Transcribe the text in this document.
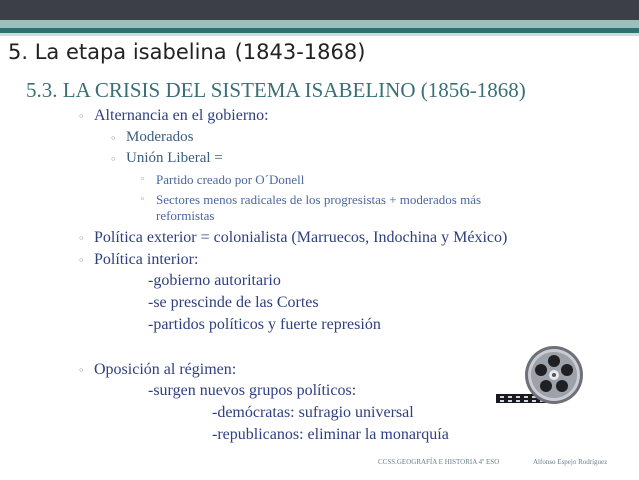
5. La etapa isabelina (1843-1868)
5.3. LA CRISIS DEL SISTEMA ISABELINO (1856-1868)
◦ Alternancia en el gobierno:
◦ Moderados
◦ Unión Liberal =
◦ Partido creado por O´Donell
◦ Sectores menos radicales de los progresistas + moderados más
reformistas
◦ Política exterior = colonialista (Marruecos, Indochina y México)
◦ Política interior:
-gobierno autoritario
-se prescinde de las Cortes
-partidos políticos y fuerte represión
◦ Oposición al régimen:
-surgen nuevos grupos políticos:
-demócratas: sufragio universal
-republicanos: eliminar la monarquía
CCSS.GEOGRAFÍA E HISTORIA 4º ESO	Alfonso Espejo Rodríguez
